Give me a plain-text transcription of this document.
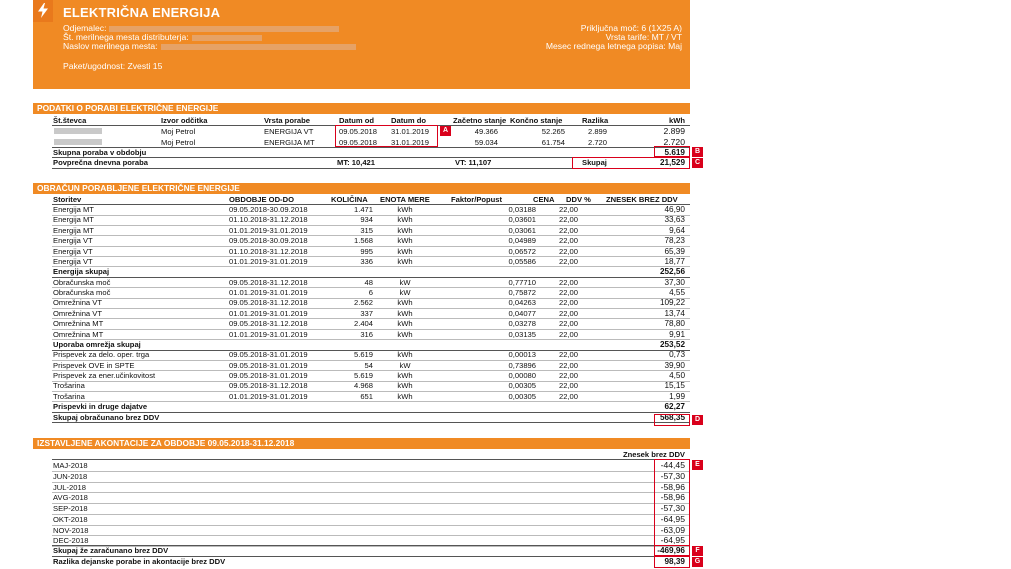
ELEKTRIČNA ENERGIJA
Odjemalec:
Št. merilnega mesta distributerja:
Naslov merilnega mesta:
Paket/ugodnost: Zvesti 15
Priključna moč: 6 (1X25 A)
Vrsta tarife: MT / VT
Mesec rednega letnega popisa: Maj
PODATKI O PORABI ELEKTRIČNE ENERGIJE
Št.števca	Izvor odčitka	Vrsta porabe	Datum od Datum do	Začetno stanje Končno stanje	Razlika	kWh
Moj Petrol	ENERGIJA VT	09.05.2018 31.01.2019	49.366	52.265	2.899	2.899
Moj Petrol	ENERGIJA MT	09.05.2018 31.01.2019	59.034	61.754	2.720	2.720
Skupna poraba v obdobju	5.619
Povprečna dnevna poraba	MT: 10,421	VT: 11,107	Skupaj	21,529
OBRAČUN PORABLJENE ELEKTRIČNE ENERGIJE
Storitev	OBDOBJE OD-DO	KOLIČINA ENOTA MERE	Faktor/Popust	CENA DDV % ZNESEK BREZ DDV
Energija MT	09.05.2018-30.09.2018	1.471	kWh	0,03188	22,00	46,90
Energija MT	01.10.2018-31.12.2018	934	kWh	0,03601	22,00	33,63
Energija MT	01.01.2019-31.01.2019	315	kWh	0,03061	22,00	9,64
Energija VT	09.05.2018-30.09.2018	1.568	kWh	0,04989	22,00	78,23
Energija VT	01.10.2018-31.12.2018	995	kWh	0,06572	22,00	65,39
Energija VT	01.01.2019-31.01.2019	336	kWh	0,05586	22,00	18,77
Energija skupaj	252,56
Obračunska moč	09.05.2018-31.12.2018	48	kW	0,77710	22,00	37,30
Obračunska moč	01.01.2019-31.01.2019	6	kW	0,75872	22,00	4,55
Omrežnina VT	09.05.2018-31.12.2018	2.562	kWh	0,04263	22,00	109,22
Omrežnina VT	01.01.2019-31.01.2019	337	kWh	0,04077	22,00	13,74
Omrežnina MT	09.05.2018-31.12.2018	2.404	kWh	0,03278	22,00	78,80
Omrežnina MT	01.01.2019-31.01.2019	316	kWh	0,03135	22,00	9,91
Uporaba omrežja skupaj	253,52
Prispevek za delo. oper. trga	09.05.2018-31.01.2019	5.619	kWh	0,00013	22,00	0,73
Prispevek OVE in SPTE	09.05.2018-31.01.2019	54	kW	0,73896	22,00	39,90
Prispevek za ener.učinkovitost	09.05.2018-31.01.2019	5.619	kWh	0,00080	22,00	4,50
Trošarina	09.05.2018-31.12.2018	4.968	kWh	0,00305	22,00	15,15
Trošarina	01.01.2019-31.01.2019	651	kWh	0,00305	22,00	1,99
Prispevki in druge dajatve	62,27
Skupaj obračunano brez DDV	568,35
IZSTAVLJENE AKONTACIJE ZA OBDOBJE 09.05.2018-31.12.2018
Znesek brez DDV
MAJ-2018	-44,45
JUN-2018	-57,30
JUL-2018	-58,96
AVG-2018	-58,96
SEP-2018	-57,30
OKT-2018	-64,95
NOV-2018	-63,09
DEC-2018	-64,95
Skupaj že zaračunano brez DDV	-469,96
Razlika dejanske porabe in akontacije brez DDV	98,39
A
B
C
D
E
F
G
